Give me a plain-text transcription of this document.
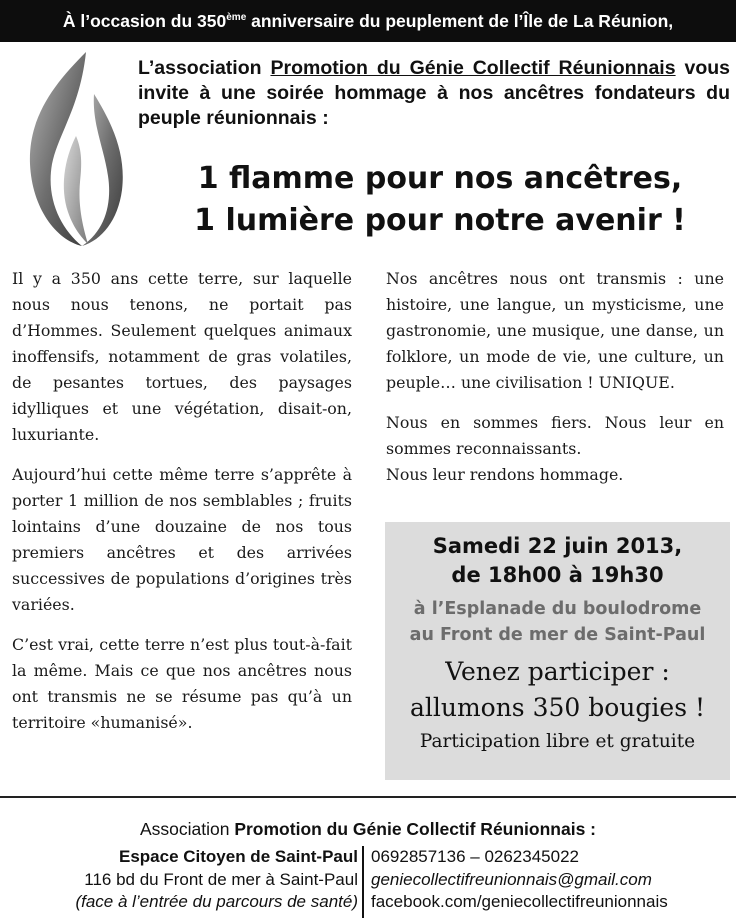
À l’occasion du 350ème anniversaire du peuplement de l’Île de La Réunion,
L’association Promotion du Génie Collectif Réunionnais vous invite à une soirée hommage à nos ancêtres fondateurs du peuple réunionnais :
1 flamme pour nos ancêtres,
1 lumière pour notre avenir !

Il y a 350 ans cette terre, sur laquelle nous nous tenons, ne portait pas d’Hommes. Seulement quelques animaux inoffensifs, notamment de gras volatiles, de pesantes tortues, des paysages idylliques et une végétation, disait-on, luxuriante.

Aujourd’hui cette même terre s’apprête à porter 1 million de nos semblables ; fruits lointains d’une douzaine de nos tous premiers ancêtres et des arrivées successives de populations d’origines très variées.

C’est vrai, cette terre n’est plus tout-à-fait la même. Mais ce que nos ancêtres nous ont transmis ne se résume pas qu’à un territoire «humanisé».

Nos ancêtres nous ont transmis : une histoire, une langue, un mysticisme, une gastronomie, une musique, une danse, un folklore, un mode de vie, une culture, un peuple… une civilisation ! UNIQUE.

Nous en sommes fiers. Nous leur en sommes reconnaissants.

Nous leur rendons hommage.

Samedi 22 juin 2013,
de 18h00 à 19h30
à l’Esplanade du boulodrome
au Front de mer de Saint-Paul
Venez participer :
allumons 350 bougies !
Participation libre et gratuite
Association Promotion du Génie Collectif Réunionnais :
Espace Citoyen de Saint-Paul
116 bd du Front de mer à Saint-Paul
(face à l’entrée du parcours de santé)
0692857136 – 0262345022
geniecollectifreunionnais@gmail.com
facebook.com/geniecollectifreunionnais
